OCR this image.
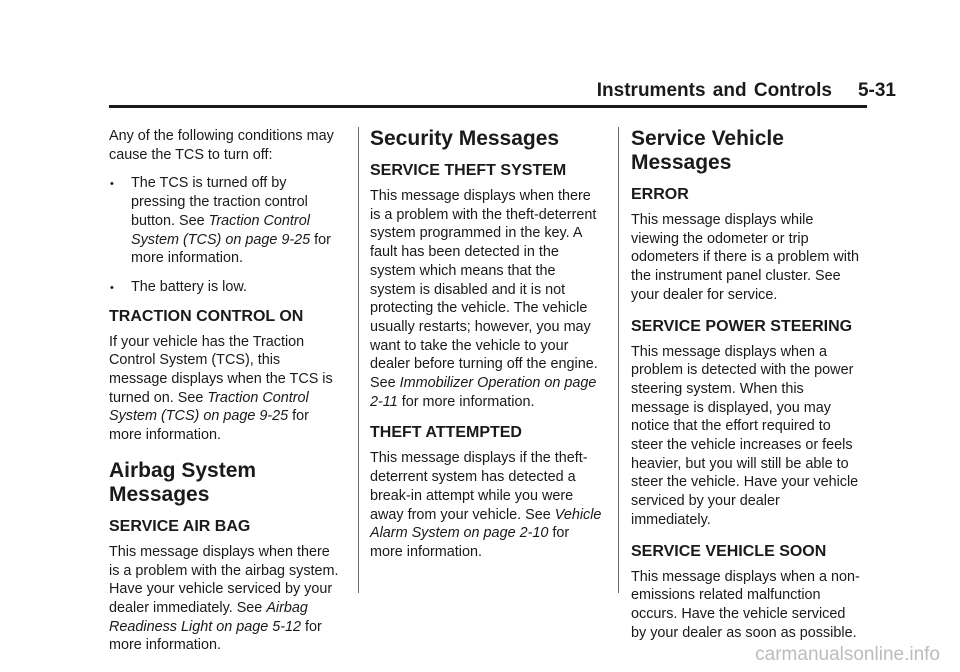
Instruments and Controls 5-31

Any of the following conditions may cause the TCS to turn off:

• The TCS is turned off by pressing the traction control button. See Traction Control System (TCS) on page 9-25 for more information.
• The battery is low.
TRACTION CONTROL ON

If your vehicle has the Traction Control System (TCS), this message displays when the TCS is turned on. See Traction Control System (TCS) on page 9-25 for more information.

Airbag System Messages
SERVICE AIR BAG

This message displays when there is a problem with the airbag system. Have your vehicle serviced by your dealer immediately. See Airbag Readiness Light on page 5-12 for more information.

Security Messages
SERVICE THEFT SYSTEM

This message displays when there is a problem with the theft-deterrent system programmed in the key. A fault has been detected in the system which means that the system is disabled and it is not protecting the vehicle. The vehicle usually restarts; however, you may want to take the vehicle to your dealer before turning off the engine. See Immobilizer Operation on page 2-11 for more information.

THEFT ATTEMPTED

This message displays if the theft-deterrent system has detected a break-in attempt while you were away from your vehicle. See Vehicle Alarm System on page 2-10 for more information.

Service Vehicle Messages
ERROR

This message displays while viewing the odometer or trip odometers if there is a problem with the instrument panel cluster. See your dealer for service.

SERVICE POWER STEERING

This message displays when a problem is detected with the power steering system. When this message is displayed, you may notice that the effort required to steer the vehicle increases or feels heavier, but you will still be able to steer the vehicle. Have your vehicle serviced by your dealer immediately.

SERVICE VEHICLE SOON

This message displays when a non-emissions related malfunction occurs. Have the vehicle serviced by your dealer as soon as possible.

carmanualsonline.info
